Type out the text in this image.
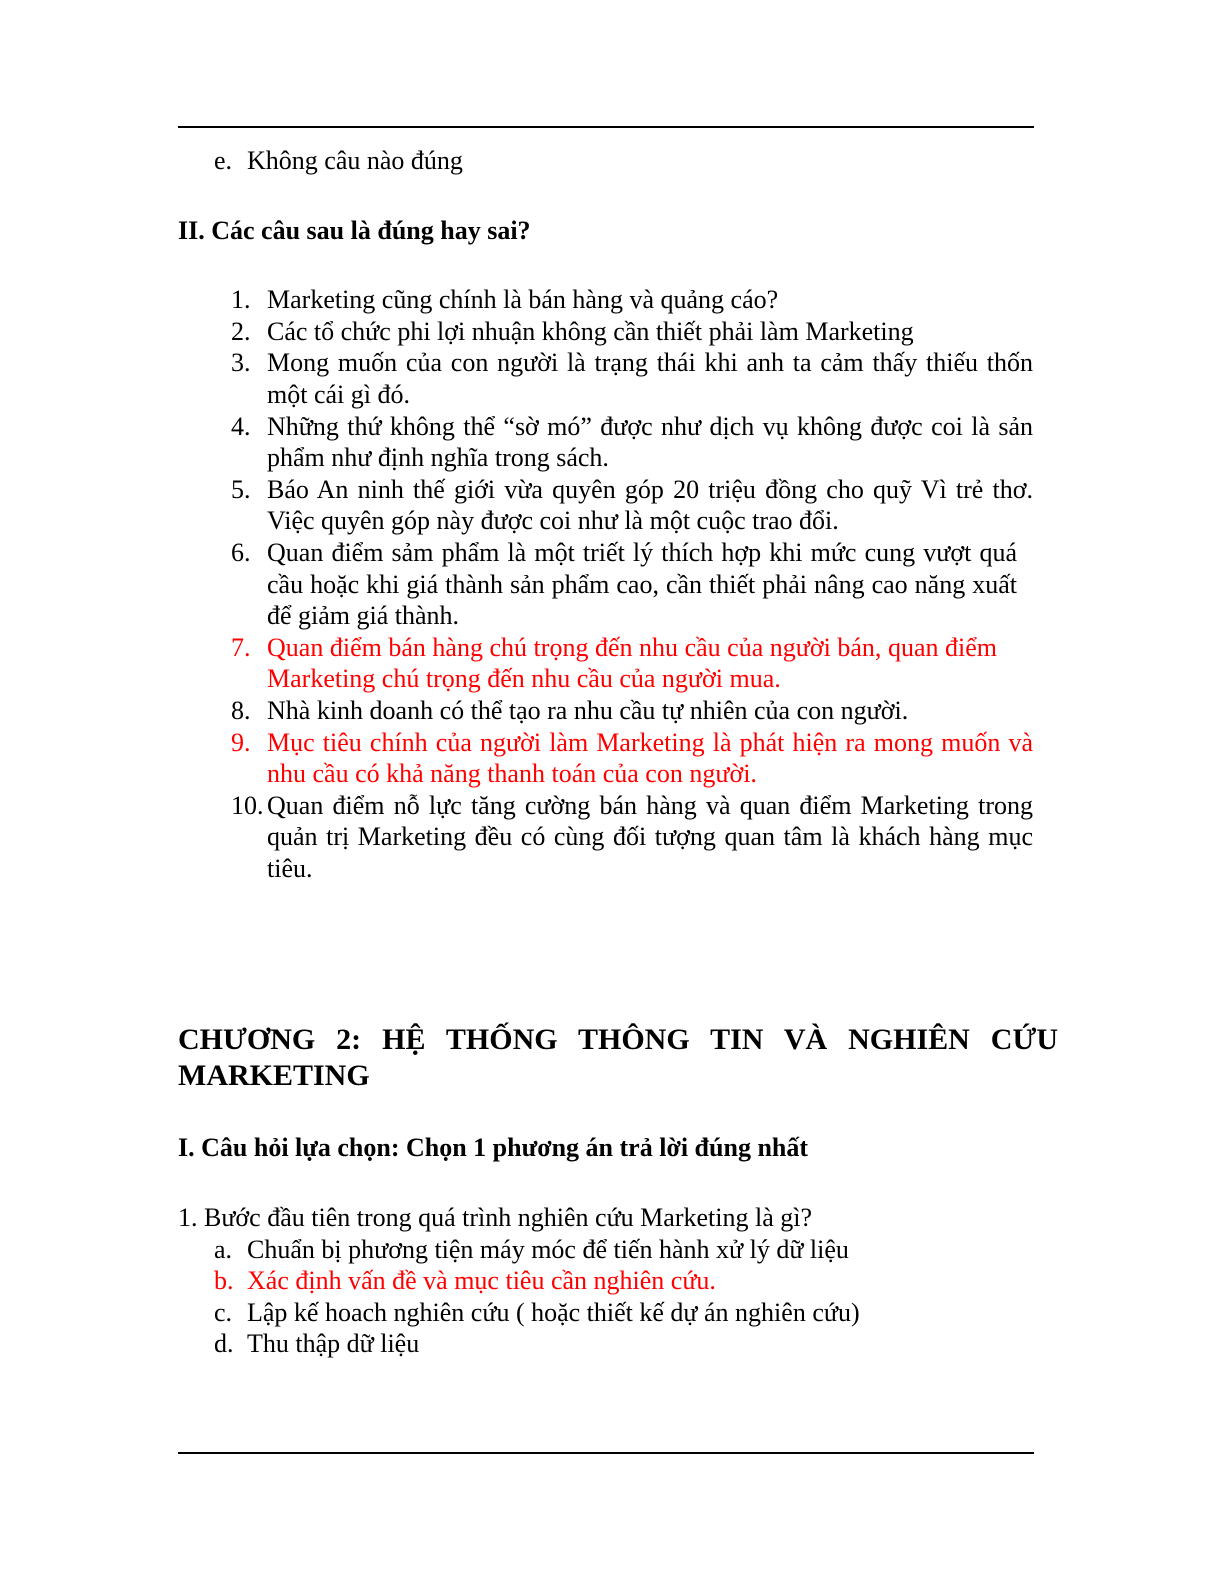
e. Không câu nào đúng

II. Các câu sau là đúng hay sai?

1. Marketing cũng chính là bán hàng và quảng cáo?
2. Các tổ chức phi lợi nhuận không cần thiết phải làm Marketing
3. Mong muốn của con người là trạng thái khi anh ta cảm thấy thiếu thốn một cái gì đó.
4. Những thứ không thể “sờ mó” được như dịch vụ không được coi là sản phẩm như định nghĩa trong sách.
5. Báo An ninh thế giới vừa quyên góp 20 triệu đồng cho quỹ Vì trẻ thơ. Việc quyên góp này được coi như là một cuộc trao đổi.
6. Quan điểm sảm phẩm là một triết lý thích hợp khi mức cung vượt quá cầu hoặc khi giá thành sản phẩm cao, cần thiết phải nâng cao năng xuất để giảm giá thành.
7. Quan điểm bán hàng chú trọng đến nhu cầu của người bán, quan điểm Marketing chú trọng đến nhu cầu của người mua.
8. Nhà kinh doanh có thể tạo ra nhu cầu tự nhiên của con người.
9. Mục tiêu chính của người làm Marketing là phát hiện ra mong muốn và nhu cầu có khả năng thanh toán của con người.
10. Quan điểm nỗ lực tăng cường bán hàng và quan điểm Marketing trong quản trị Marketing đều có cùng đối tượng quan tâm là khách hàng mục tiêu.

CHƯƠNG 2: HỆ THỐNG THÔNG TIN VÀ NGHIÊN CỨU MARKETING

I. Câu hỏi lựa chọn: Chọn 1 phương án trả lời đúng nhất

1. Bước đầu tiên trong quá trình nghiên cứu Marketing là gì?

a. Chuẩn bị phương tiện máy móc để tiến hành xử lý dữ liệu

b. Xác định vấn đề và mục tiêu cần nghiên cứu.

c. Lập kế hoach nghiên cứu ( hoặc thiết kế dự án nghiên cứu)

d. Thu thập dữ liệu
